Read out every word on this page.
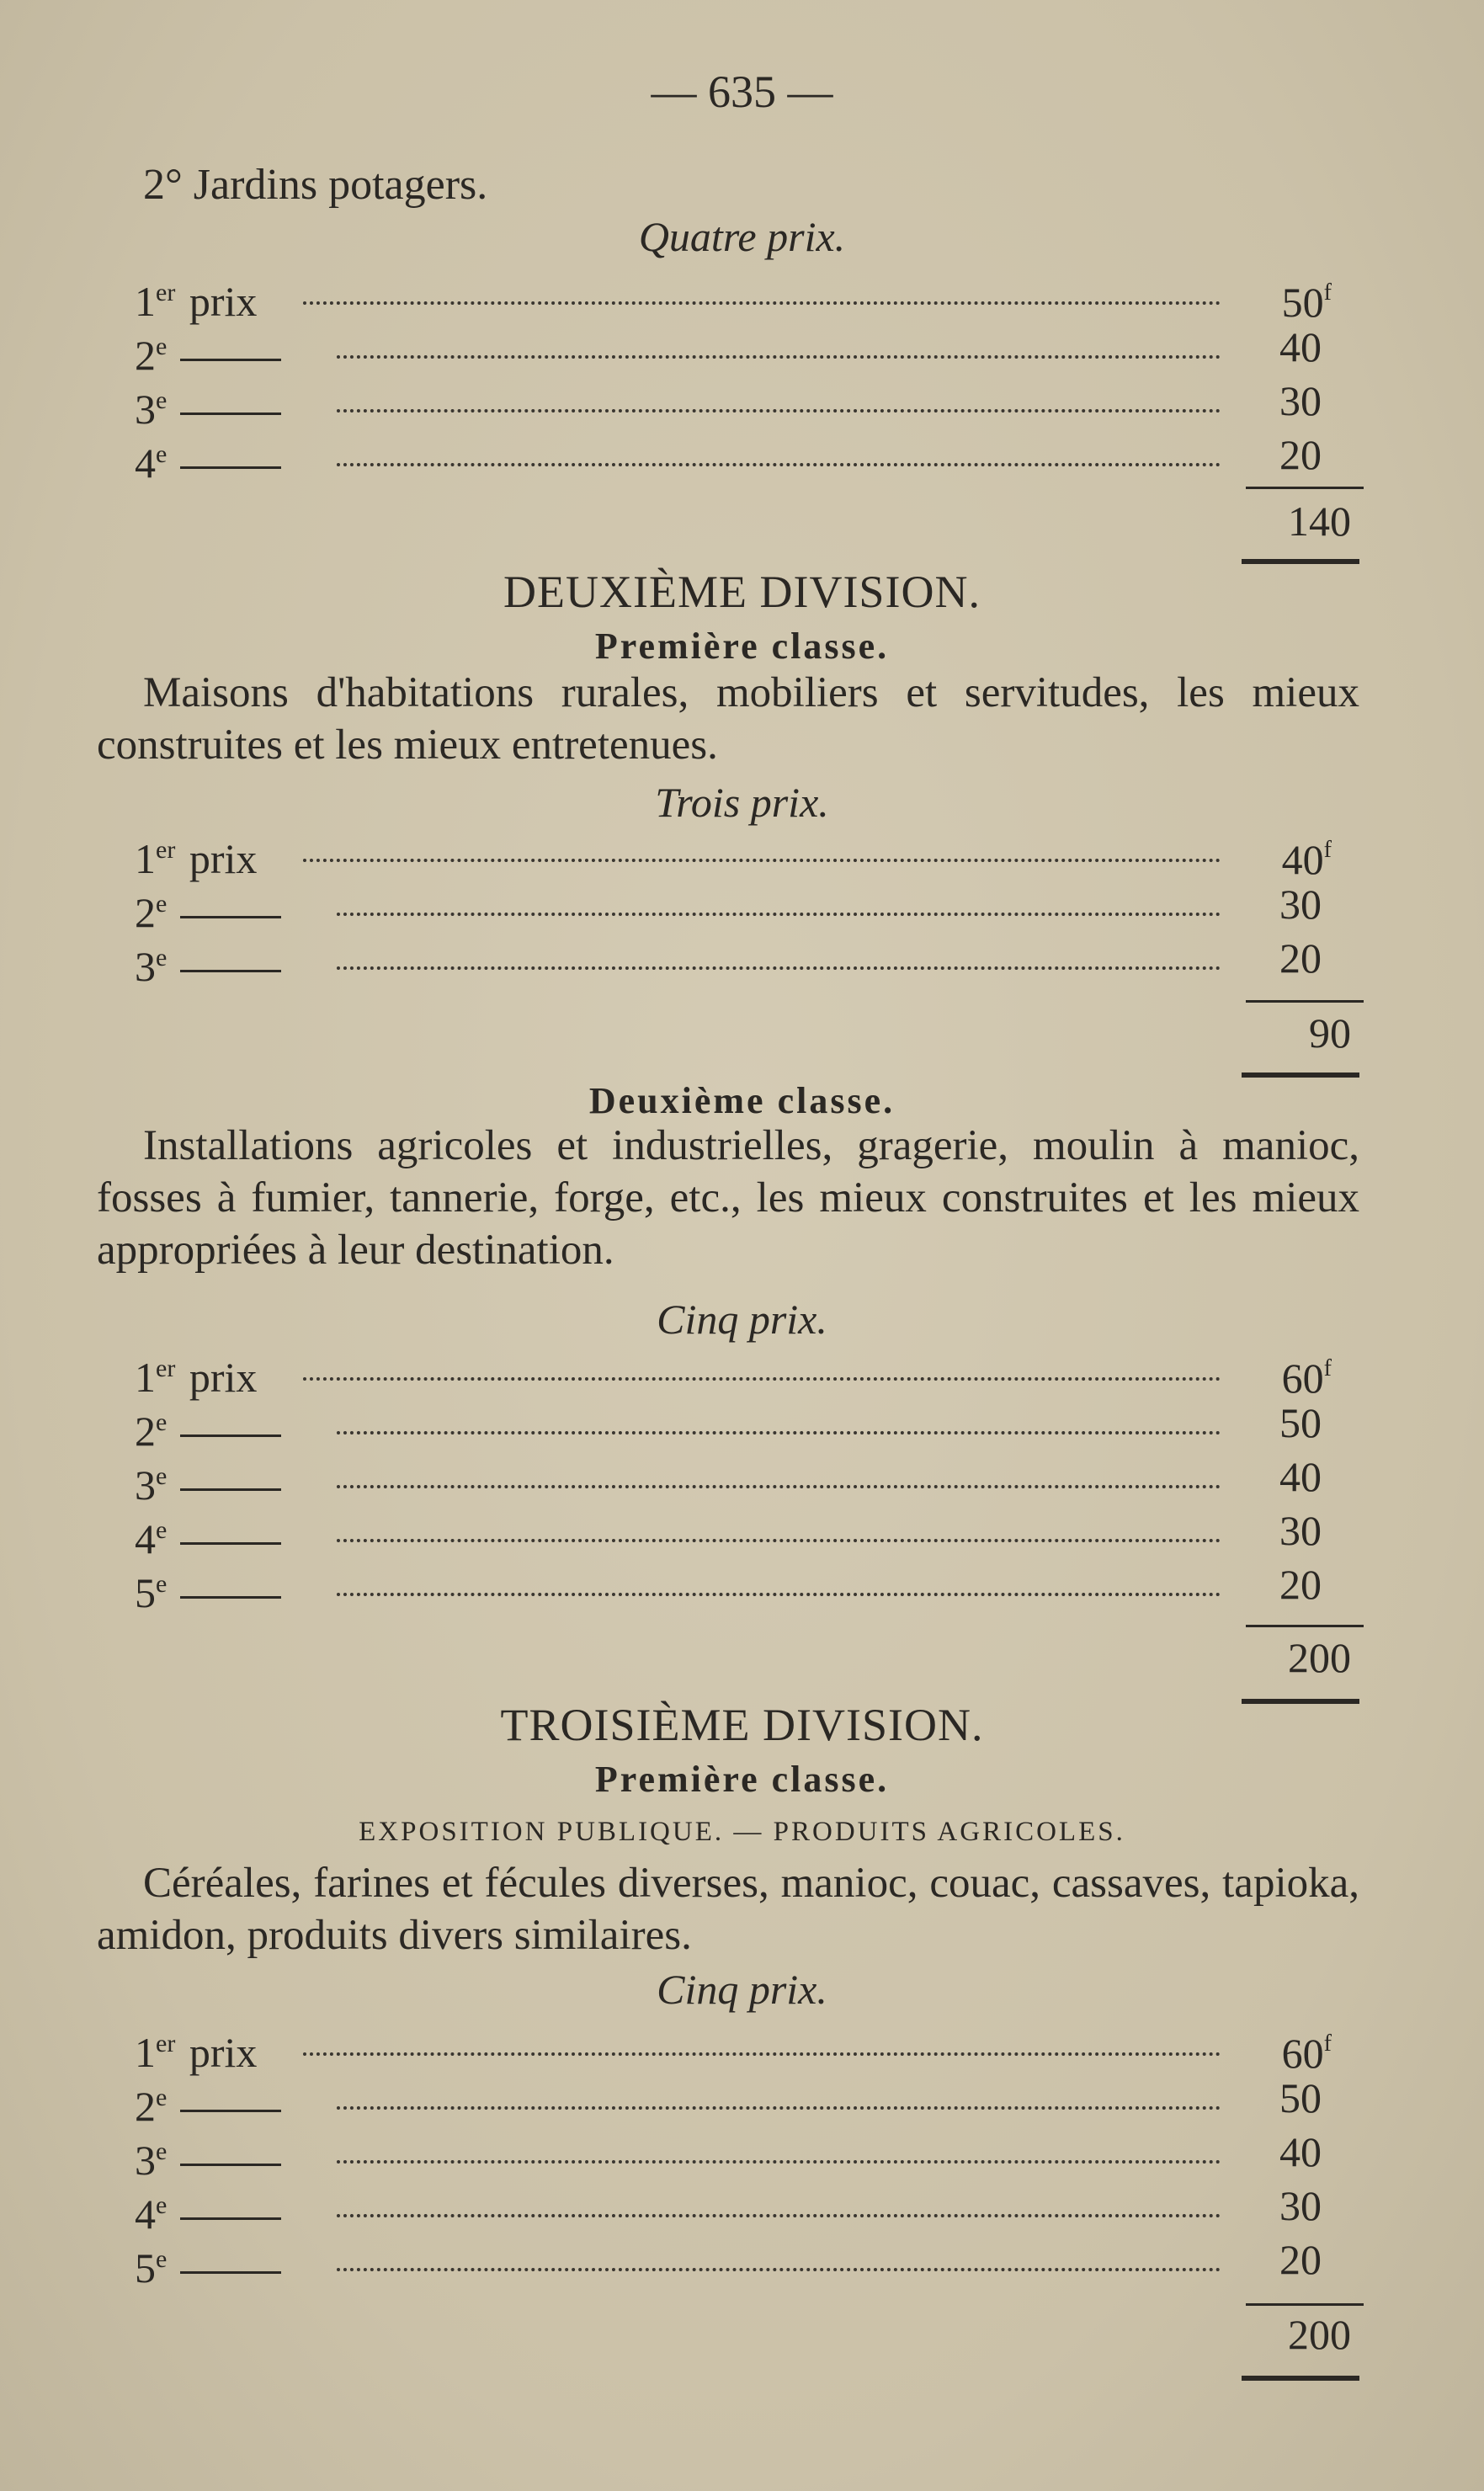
— 635 —
2° Jardins potagers.
Quatre prix.
1er prix	50$^f$
2e	40
3e	30
4e	20
140
DEUXIÈME DIVISION.
Première classe.
Maisons d'habitations rurales, mobiliers et servitudes, les mieux construites et les mieux entretenues.
Trois prix.
1er prix	40$^f$
2e	30
3e	20
90
Deuxième classe.
Installations agricoles et industrielles, gragerie, moulin à manioc, fosses à fumier, tannerie, forge, etc., les mieux construites et les mieux appropriées à leur destination.
Cinq prix.
1er prix	60$^f$
2e	50
3e	40
4e	30
5e	20
200
TROISIÈME DIVISION.
Première classe.
EXPOSITION PUBLIQUE. — PRODUITS AGRICOLES.
Céréales, farines et fécules diverses, manioc, couac, cassaves, tapioka, amidon, produits divers similaires.
Cinq prix.
1er prix	60$^f$
2e	50
3e	40
4e	30
5e	20
200
